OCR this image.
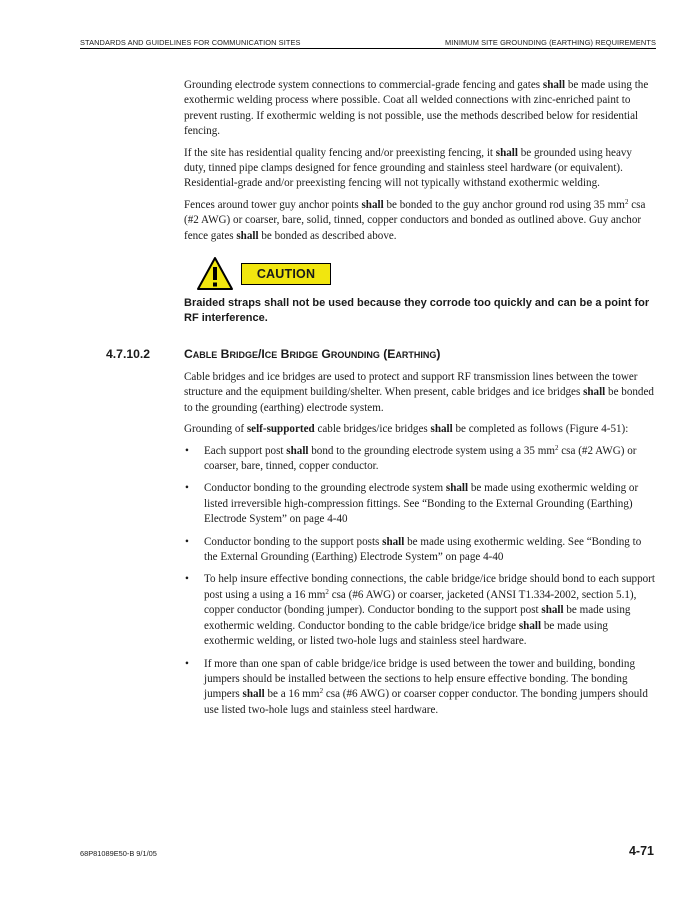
STANDARDS AND GUIDELINES FOR COMMUNICATION SITES	MINIMUM SITE GROUNDING (EARTHING) REQUIREMENTS

Grounding electrode system connections to commercial-grade fencing and gates shall be made using the exothermic welding process where possible. Coat all welded connections with zinc-enriched paint to prevent rusting. If exothermic welding is not possible, use the methods described below for residential fencing.

If the site has residential quality fencing and/or preexisting fencing, it shall be grounded using heavy duty, tinned pipe clamps designed for fence grounding and stainless steel hardware (or equivalent). Residential-grade and/or preexisting fencing will not typically withstand exothermic welding.

Fences around tower guy anchor points shall be bonded to the guy anchor ground rod using 35 $mm^2$ csa (#2 AWG) or coarser, bare, solid, tinned, copper conductors and bonded as outlined above. Guy anchor fence gates shall be bonded as described above.

CAUTION
Braided straps shall not be used because they corrode too quickly and can be a point for RF interference.
4.7.10.2	Cable Bridge/Ice Bridge Grounding (Earthing)

Cable bridges and ice bridges are used to protect and support RF transmission lines between the tower structure and the equipment building/shelter. When present, cable bridges and ice bridges shall be bonded to the grounding (earthing) electrode system.

Grounding of self-supported cable bridges/ice bridges shall be completed as follows (Figure 4-51):

• Each support post shall bond to the grounding electrode system using a 35 $mm^2$ csa (#2 AWG) or coarser, bare, tinned, copper conductor.
• Conductor bonding to the grounding electrode system shall be made using exothermic welding or listed irreversible high-compression fittings. See “Bonding to the External Grounding (Earthing) Electrode System” on page 4-40
• Conductor bonding to the support posts shall be made using exothermic welding. See “Bonding to the External Grounding (Earthing) Electrode System” on page 4-40
• To help insure effective bonding connections, the cable bridge/ice bridge should bond to each support post using a using a 16 $mm^2$ csa (#6 AWG) or coarser, jacketed (ANSI T1.334-2002, section 5.1), copper conductor (bonding jumper). Conductor bonding to the support post shall be made using exothermic welding. Conductor bonding to the cable bridge/ice bridge shall be made using exothermic welding, or listed two-hole lugs and stainless steel hardware.
• If more than one span of cable bridge/ice bridge is used between the tower and building, bonding jumpers should be installed between the sections to help ensure effective bonding. The bonding jumpers shall be a 16 $mm^2$ csa (#6 AWG) or coarser copper conductor. The bonding jumpers should use listed two-hole lugs and stainless steel hardware.
68P81089E50-B 9/1/05	4-71
